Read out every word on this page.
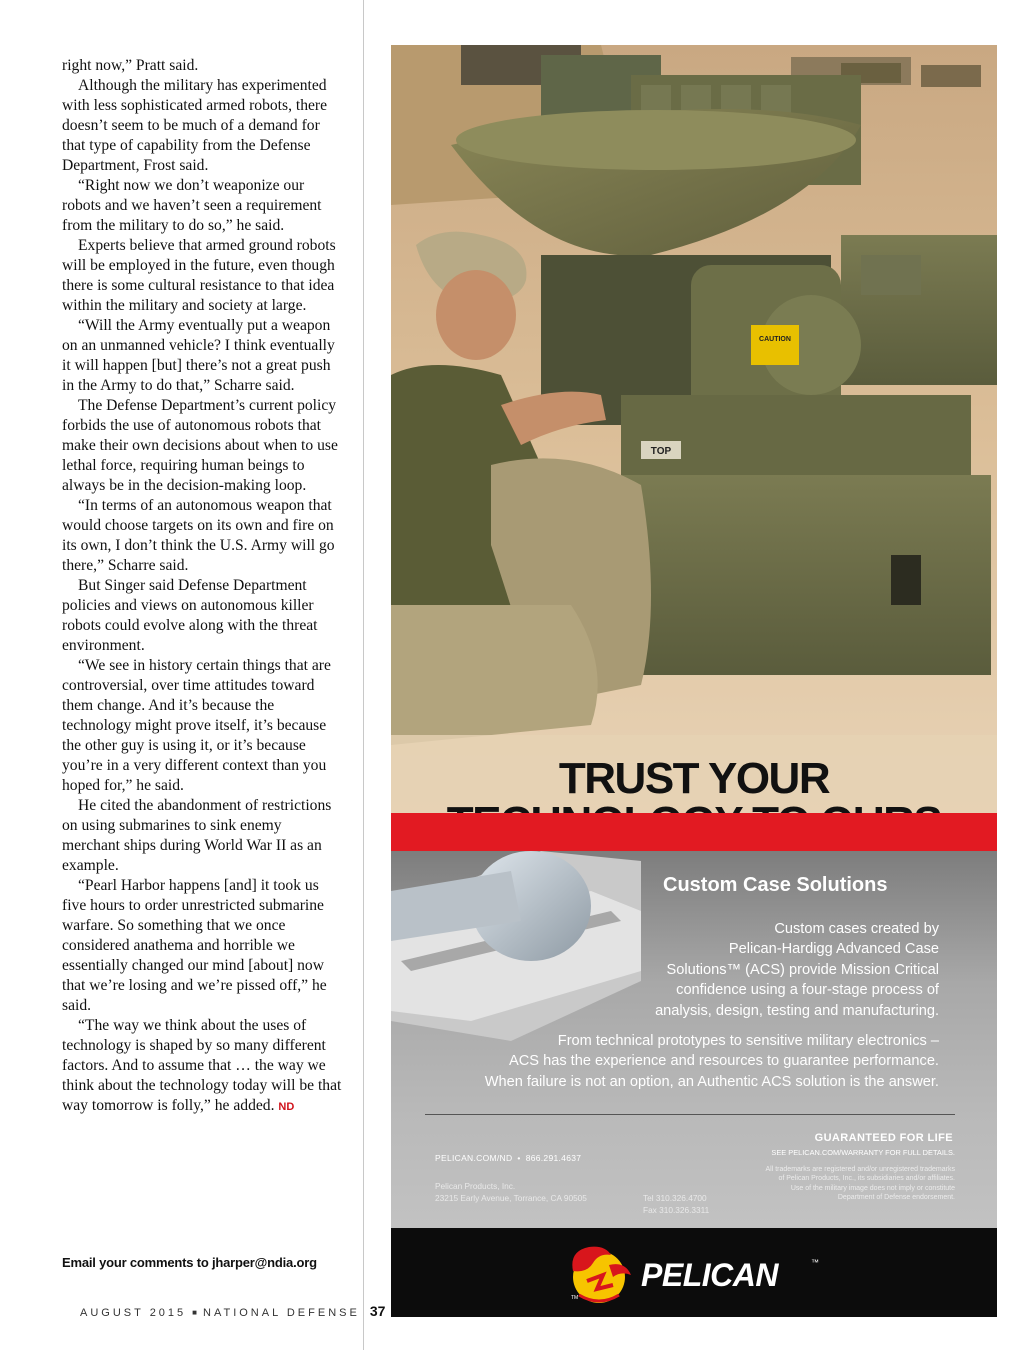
right now,” Pratt said.

Although the military has experimented with less sophisticated armed robots, there doesn’t seem to be much of a demand for that type of capability from the Defense Department, Frost said.

“Right now we don’t weaponize our robots and we haven’t seen a requirement from the military to do so,” he said.

Experts believe that armed ground robots will be employed in the future, even though there is some cultural resistance to that idea within the military and society at large.

“Will the Army eventually put a weapon on an unmanned vehicle? I think eventually it will happen [but] there’s not a great push in the Army to do that,” Scharre said.

The Defense Department’s current policy forbids the use of autonomous robots that make their own decisions about when to use lethal force, requiring human beings to always be in the decision-making loop.

“In terms of an autonomous weapon that would choose targets on its own and fire on its own, I don’t think the U.S. Army will go there,” Scharre said.

But Singer said Defense Department policies and views on autonomous killer robots could evolve along with the threat environment.

“We see in history certain things that are controversial, over time attitudes toward them change. And it’s because the technology might prove itself, it’s because the other guy is using it, or it’s because you’re in a very different context than you hoped for,” he said.

He cited the abandonment of restrictions on using submarines to sink enemy merchant ships during World War II as an example.

“Pearl Harbor happens [and] it took us five hours to order unrestricted submarine warfare. So something that we once considered anathema and horrible we essentially changed our mind [about] now that we’re losing and we’re pissed off,” he said.

“The way we think about the uses of technology is shaped by so many different factors. And to assume that … the way we think about the technology today will be that way tomorrow is folly,” he added. ND

Email your comments to jharper@ndia.org
AUGUST 2015 ■ NATIONAL DEFENSE 37
CAUTION
TOP
TRUST YOUR
Custom Case Solutions
Custom cases created by
Pelican-Hardigg Advanced Case
Solutions™ (ACS) provide Mission Critical
confidence using a four-stage process of
analysis, design, testing and manufacturing.
From technical prototypes to sensitive military electronics –
ACS has the experience and resources to guarantee performance.
When failure is not an option, an Authentic ACS solution is the answer.
GUARANTEED FOR LIFE
SEE PELICAN.COM/WARRANTY FOR FULL DETAILS.
PELICAN.COM/ND • 866.291.4637
Pelican Products, Inc.
23215 Early Avenue, Torrance, CA 90505	Tel 310.326.4700
Fax 310.326.3311
All trademarks are registered and/or unregistered trademarks
of Pelican Products, Inc., its subsidiaries and/or affiliates.
Use of the military image does not imply or constitute
Department of Defense endorsement.
TM
PELICAN	™
